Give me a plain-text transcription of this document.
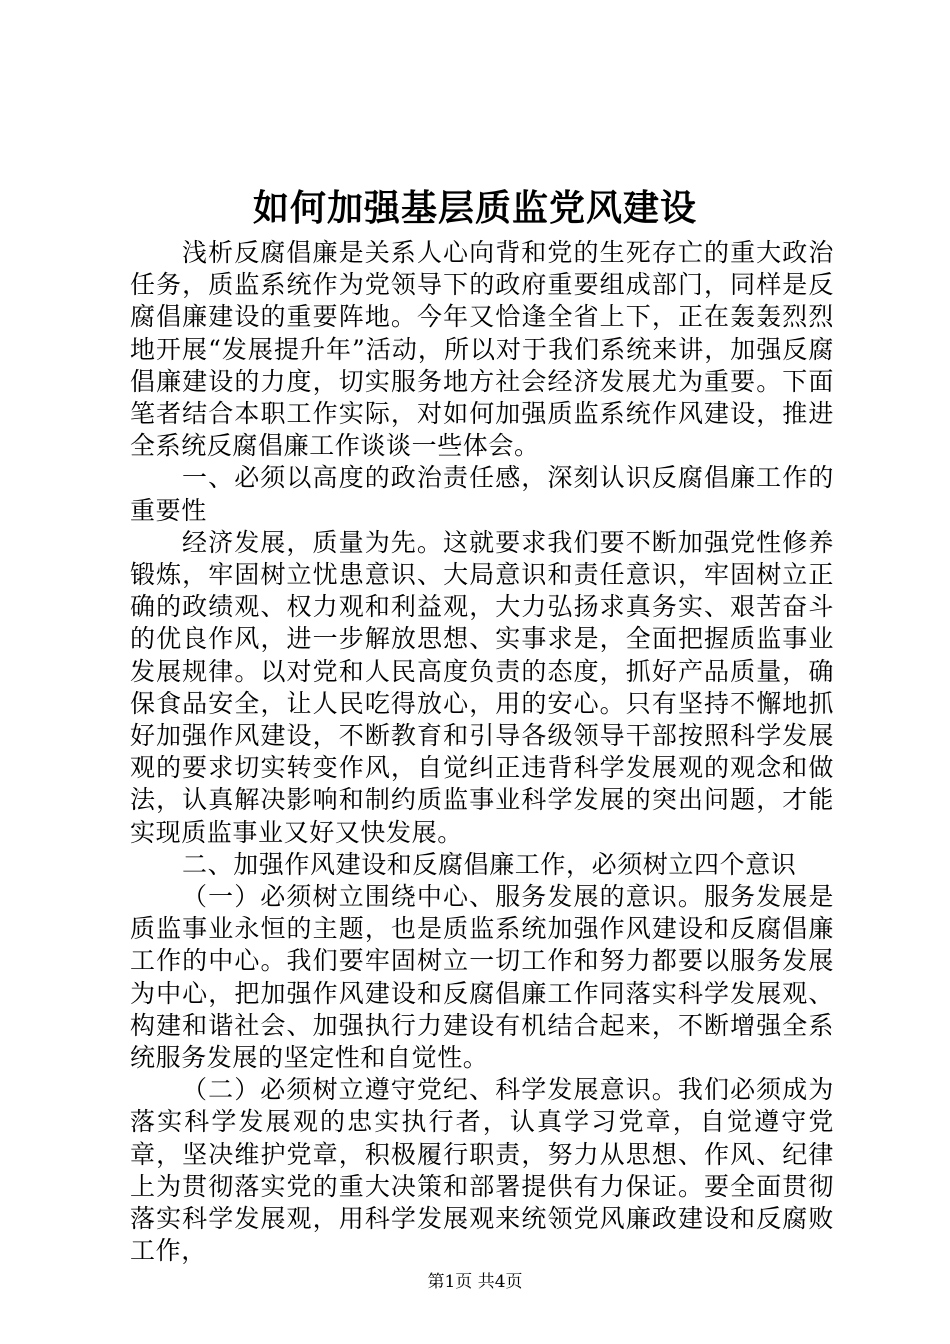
如何加强基层质监党风建设

浅析反腐倡廉是关系人心向背和党的生死存亡的重大政治任务，质监系统作为党领导下的政府重要组成部门，同样是反腐倡廉建设的重要阵地。今年又恰逢全省上下，正在轰轰烈烈地开展“发展提升年”活动，所以对于我们系统来讲，加强反腐倡廉建设的力度，切实服务地方社会经济发展尤为重要。下面笔者结合本职工作实际，对如何加强质监系统作风建设，推进全系统反腐倡廉工作谈谈一些体会。

一、必须以高度的政治责任感，深刻认识反腐倡廉工作的重要性

经济发展，质量为先。这就要求我们要不断加强党性修养锻炼，牢固树立忧患意识、大局意识和责任意识，牢固树立正确的政绩观、权力观和利益观，大力弘扬求真务实、艰苦奋斗的优良作风，进一步解放思想、实事求是，全面把握质监事业发展规律。以对党和人民高度负责的态度，抓好产品质量，确保食品安全，让人民吃得放心，用的安心。只有坚持不懈地抓好加强作风建设，不断教育和引导各级领导干部按照科学发展观的要求切实转变作风，自觉纠正违背科学发展观的观念和做法，认真解决影响和制约质监事业科学发展的突出问题，才能实现质监事业又好又快发展。

二、加强作风建设和反腐倡廉工作，必须树立四个意识

（一）必须树立围绕中心、服务发展的意识。服务发展是质监事业永恒的主题，也是质监系统加强作风建设和反腐倡廉工作的中心。我们要牢固树立一切工作和努力都要以服务发展为中心，把加强作风建设和反腐倡廉工作同落实科学发展观、构建和谐社会、加强执行力建设有机结合起来，不断增强全系统服务发展的坚定性和自觉性。

（二）必须树立遵守党纪、科学发展意识。我们必须成为落实科学发展观的忠实执行者，认真学习党章，自觉遵守党章，坚决维护党章，积极履行职责，努力从思想、作风、纪律上为贯彻落实党的重大决策和部署提供有力保证。要全面贯彻落实科学发展观，用科学发展观来统领党风廉政建设和反腐败工作，

第1页 共4页
